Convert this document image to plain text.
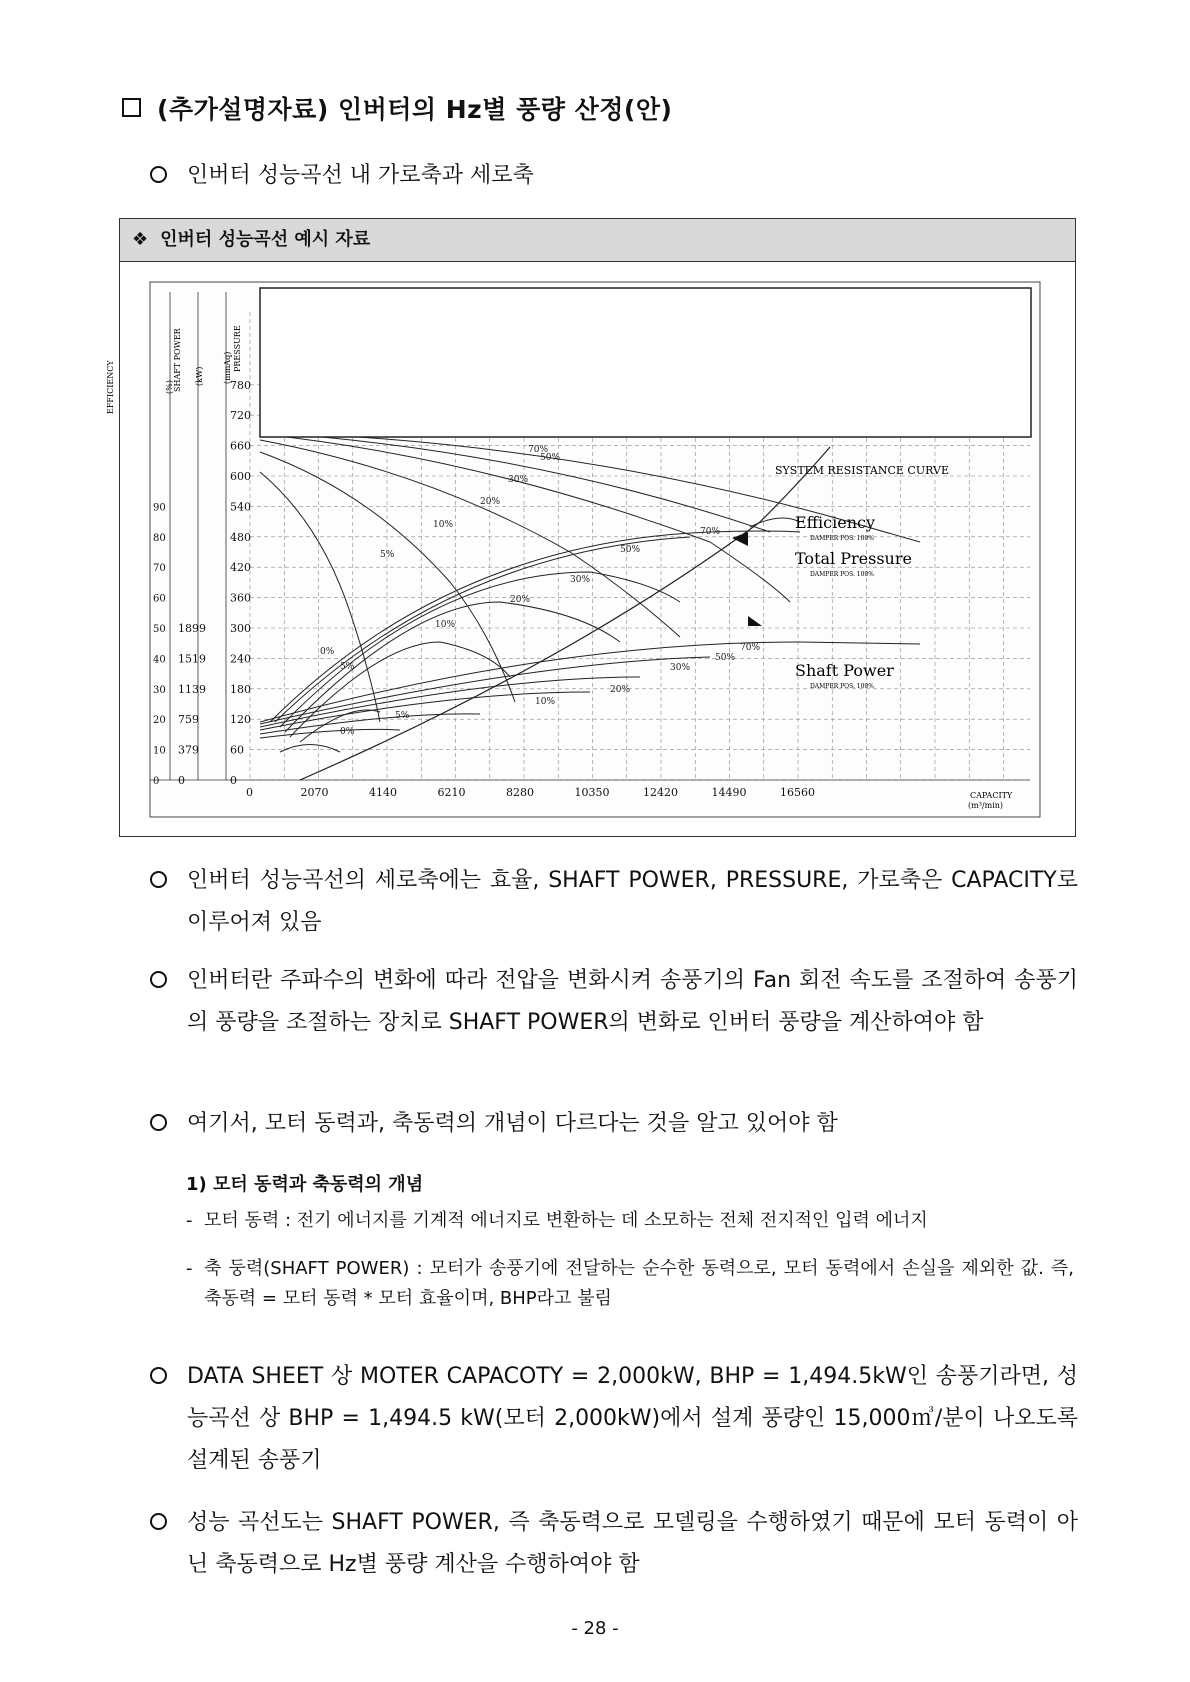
(추가설명자료) 인버터의 Hz별 풍량 산정(안)
인버터 성능곡선 내 가로축과 세로축
❖ 인버터 성능곡선 예시 자료
70%
50%
30%
20%
10%
5%
70%
50%
30%
20%
10%
5%
0%	70%
50%
30%
20%
10%
5%
0%
0	2070	4140	6210	8280	10350	12420	14490	16560
0
60
120
180
240
300
360
420
480
540
600
660
720
780
0
379
759
1139
1519
1899
0
10
20
30
40
50
60
70
80
90
EFFICIENCY	(%) SHAFT POWER (kW)
PRESSURE
(mmAq)
CAPACITY
(m³/min)
SYSTEM RESISTANCE CURVE
Efficiency
DAMPER POS. 100%
Total Pressure
DAMPER POS. 100%
Shaft Power
DAMPER POS. 100%
인버터 성능곡선의 세로축에는 효율, SHAFT POWER, PRESSURE, 가로축은 CAPACITY로 이루어져 있음
인버터란 주파수의 변화에 따라 전압을 변화시켜 송풍기의 Fan 회전 속도를 조절하여 송풍기의 풍량을 조절하는 장치로 SHAFT POWER의 변화로 인버터 풍량을 계산하여야 함
여기서, 모터 동력과, 축동력의 개념이 다르다는 것을 알고 있어야 함
DATA SHEET 상 MOTER CAPACOTY = 2,000kW, BHP = 1,494.5kW인 송풍기라면, 성능곡선 상 BHP = 1,494.5 kW(모터 2,000kW)에서 설계 풍량인 15,000㎥/분이 나오도록 설계된 송풍기
성능 곡선도는 SHAFT POWER, 즉 축동력으로 모델링을 수행하였기 때문에 모터 동력이 아닌 축동력으로 Hz별 풍량 계산을 수행하여야 함
1) 모터 동력과 축동력의 개념
- 모터 동력 : 전기 에너지를 기계적 에너지로 변환하는 데 소모하는 전체 전지적인 입력 에너지
- 축 둥력(SHAFT POWER) : 모터가 송풍기에 전달하는 순수한 동력으로, 모터 동력에서 손실을 제외한 값. 즉, 축동력 = 모터 동력 * 모터 효율이며, BHP라고 불림
- 28 -
